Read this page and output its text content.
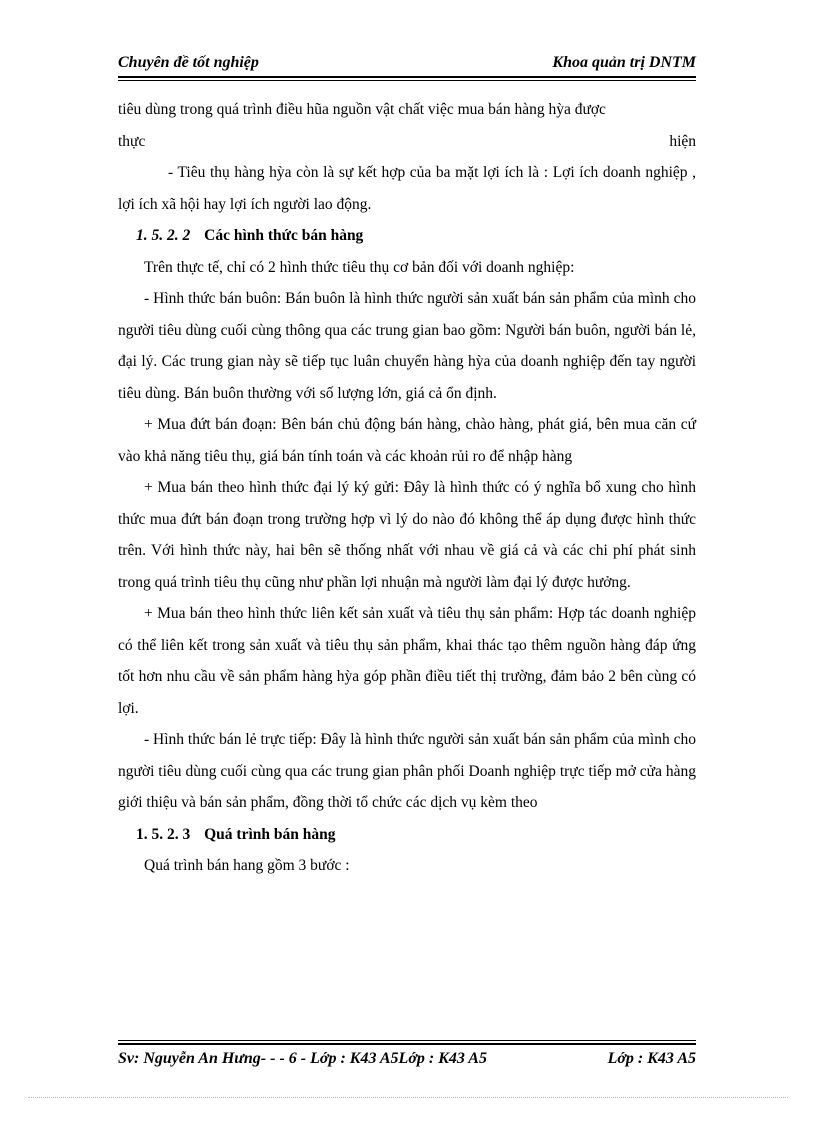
Chuyên đề tốt nghiệp	Khoa quản trị DNTM

tiêu dùng trong quá trình điều hũa nguồn vật chất việc mua bán hàng hỳa được

thực	hiện

- Tiêu thụ hàng hỳa còn là sự kết hợp của ba mặt lợi ích là : Lợi ích doanh nghiệp , lợi ích xã hội hay lợi ích người lao động.

1. 5. 2. 2 Các hình thức bán hàng

Trên thực tế, chỉ có 2 hình thức tiêu thụ cơ bản đối với doanh nghiệp:

- Hình thức bán buôn: Bán buôn là hình thức người sản xuất bán sản phẩm của mình cho người tiêu dùng cuối cùng thông qua các trung gian bao gồm: Người bán buôn, người bán lẻ, đại lý. Các trung gian này sẽ tiếp tục luân chuyển hàng hỳa của doanh nghiệp đến tay người tiêu dùng. Bán buôn thường với số lượng lớn, giá cả ổn định.

+ Mua đứt bán đoạn: Bên bán chủ động bán hàng, chào hàng, phát giá, bên mua căn cứ vào khả năng tiêu thụ, giá bán tính toán và các khoản rủi ro để nhập hàng

+ Mua bán theo hình thức đại lý ký gửi: Đây là hình thức có ý nghĩa bổ xung cho hình thức mua đứt bán đoạn trong trường hợp vì lý do nào đó không thể áp dụng được hình thức trên. Với hình thức này, hai bên sẽ thống nhất với nhau về giá cả và các chi phí phát sinh trong quá trình tiêu thụ cũng như phần lợi nhuận mà người làm đại lý được hưởng.

+ Mua bán theo hình thức liên kết sản xuất và tiêu thụ sản phẩm: Hợp tác doanh nghiệp có thể liên kết trong sản xuất và tiêu thụ sản phẩm, khai thác tạo thêm nguồn hàng đáp ứng tốt hơn nhu cầu về sản phẩm hàng hỳa góp phần điều tiết thị trường, đảm bảo 2 bên cùng có lợi.

- Hình thức bán lẻ trực tiếp: Đây là hình thức người sản xuất bán sản phẩm của mình cho người tiêu dùng cuối cùng qua các trung gian phân phối Doanh nghiệp trực tiếp mở cửa hàng giới thiệu và bán sản phẩm, đồng thời tổ chức các dịch vụ kèm theo

1. 5. 2. 3 Quá trình bán hàng

Quá trình bán hang gồm 3 bước :

Sv: Nguyễn An Hưng- - - 6 - Lớp : K43 A5Lớp : K43 A5	Lớp : K43 A5
